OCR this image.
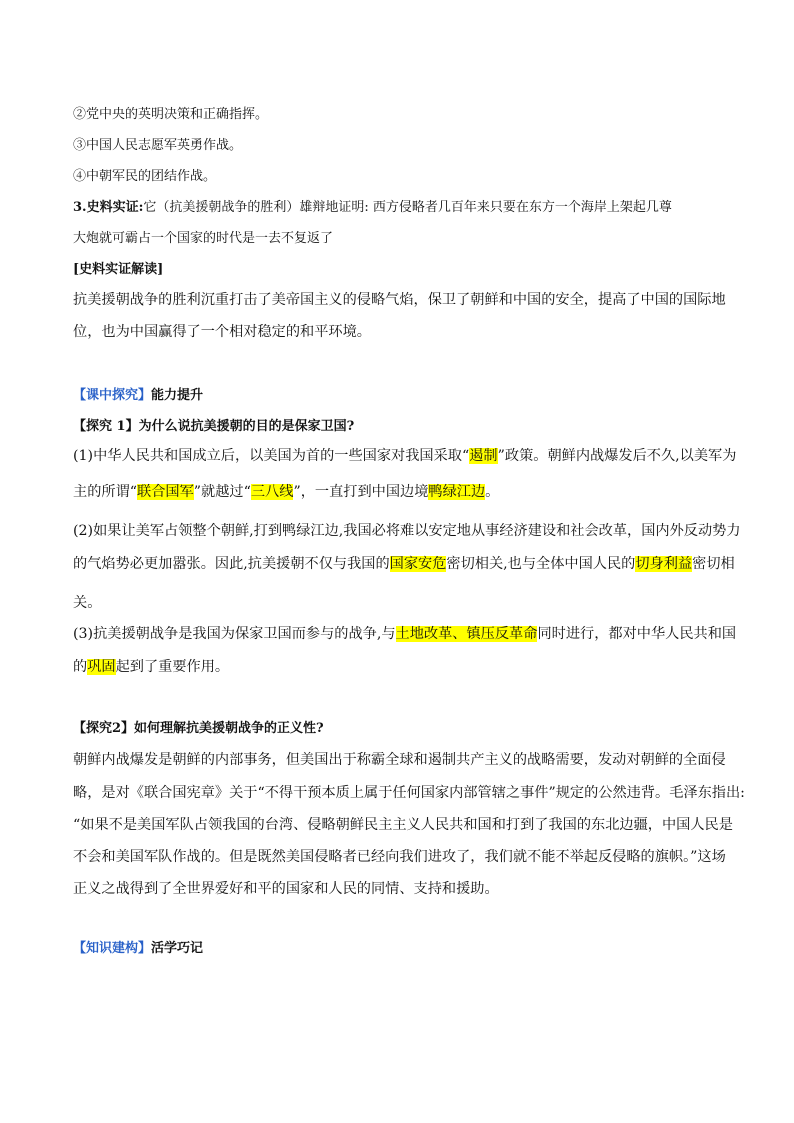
②党中央的英明决策和正确指挥。
③中国人民志愿军英勇作战。
④中朝军民的团结作战。
3.史料实证:它（抗美援朝战争的胜利）雄辩地证明: 西方侵略者几百年来只要在东方一个海岸上架起几尊
大炮就可霸占一个国家的时代是一去不复返了
[史料实证解读]
抗美援朝战争的胜利沉重打击了美帝国主义的侵略气焰，保卫了朝鲜和中国的安全，提高了中国的国际地
位，也为中国赢得了一个相对稳定的和平环境。
【课中探究】能力提升
【探究 1】为什么说抗美援朝的目的是保家卫国?
(1)中华人民共和国成立后，以美国为首的一些国家对我国采取“遏制”政策。朝鲜内战爆发后不久,以美军为
主的所谓“联合国军”就越过“三八线”，一直打到中国边境鸭绿江边。
(2)如果让美军占领整个朝鲜,打到鸭绿江边,我国必将难以安定地从事经济建设和社会改革，国内外反动势力
的气焰势必更加嚣张。因此,抗美援朝不仅与我国的国家安危密切相关,也与全体中国人民的切身利益密切相
关。
(3)抗美援朝战争是我国为保家卫国而参与的战争,与土地改革、镇压反革命同时进行，都对中华人民共和国
的巩固起到了重要作用。
【探究2】如何理解抗美援朝战争的正义性?
朝鲜内战爆发是朝鲜的内部事务，但美国出于称霸全球和遏制共产主义的战略需要，发动对朝鲜的全面侵
略，是对《联合国宪章》关于“不得干预本质上属于任何国家内部管辖之事件”规定的公然违背。毛泽东指出:
“如果不是美国军队占领我国的台湾、侵略朝鲜民主主义人民共和国和打到了我国的东北边疆，中国人民是
不会和美国军队作战的。但是既然美国侵略者已经向我们进攻了，我们就不能不举起反侵略的旗帜。”这场
正义之战得到了全世界爱好和平的国家和人民的同情、支持和援助。
【知识建构】活学巧记
